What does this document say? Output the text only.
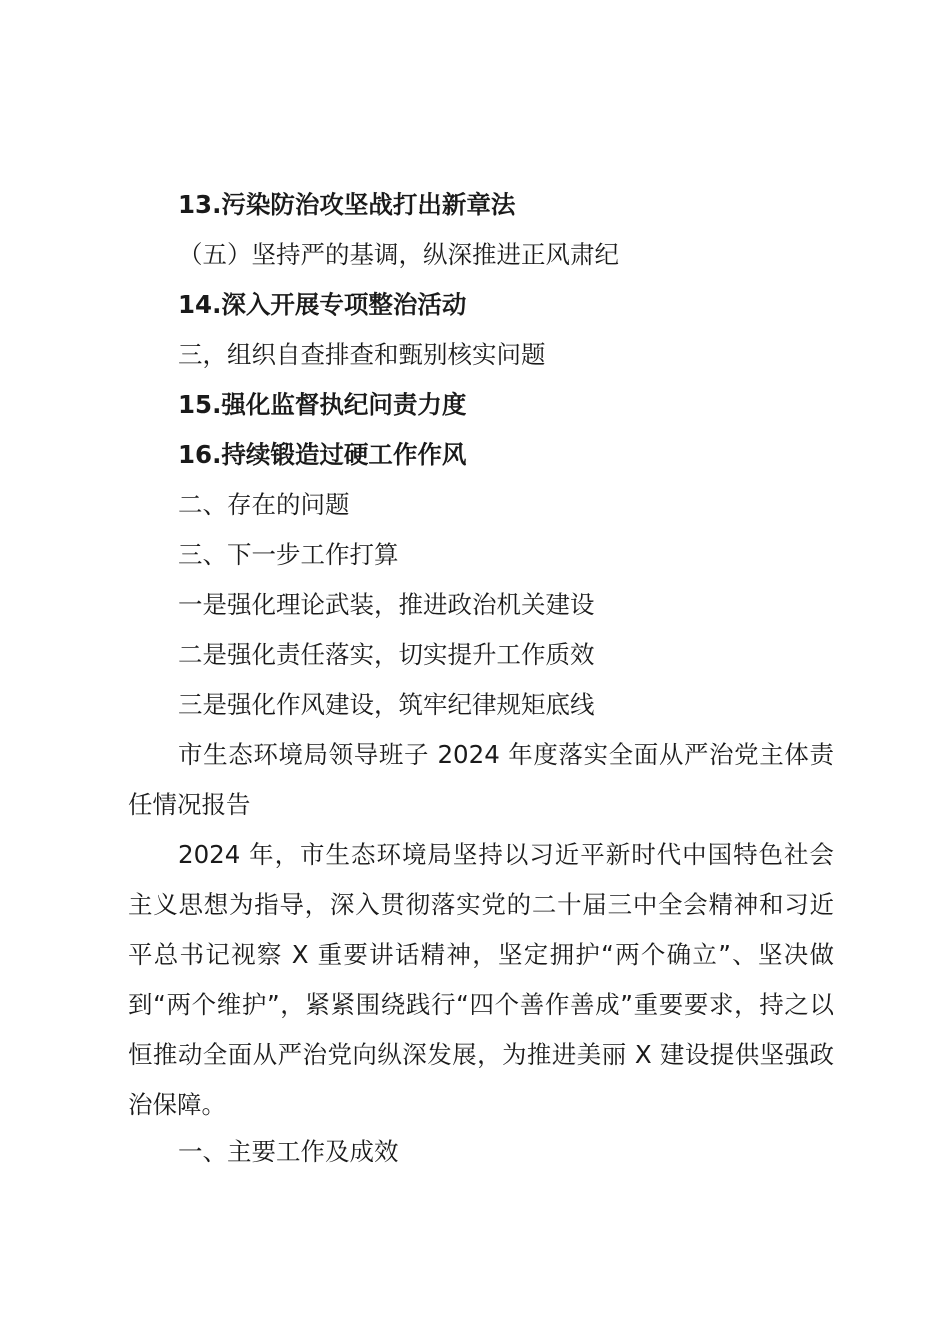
13.污染防治攻坚战打出新章法
（五）坚持严的基调，纵深推进正风肃纪
14.深入开展专项整治活动
三，组织自查排查和甄别核实问题
15.强化监督执纪问责力度
16.持续锻造过硬工作作风
二、存在的问题
三、下一步工作打算
一是强化理论武装，推进政治机关建设
二是强化责任落实，切实提升工作质效
三是强化作风建设，筑牢纪律规矩底线
市生态环境局领导班子 2024 年度落实全面从严治党主体责任情况报告
2024 年，市生态环境局坚持以习近平新时代中国特色社会主义思想为指导，深入贯彻落实党的二十届三中全会精神和习近平总书记视察 X 重要讲话精神，坚定拥护“两个确立”、坚决做到“两个维护”，紧紧围绕践行“四个善作善成”重要要求，持之以恒推动全面从严治党向纵深发展，为推进美丽 X 建设提供坚强政治保障。
一、主要工作及成效
